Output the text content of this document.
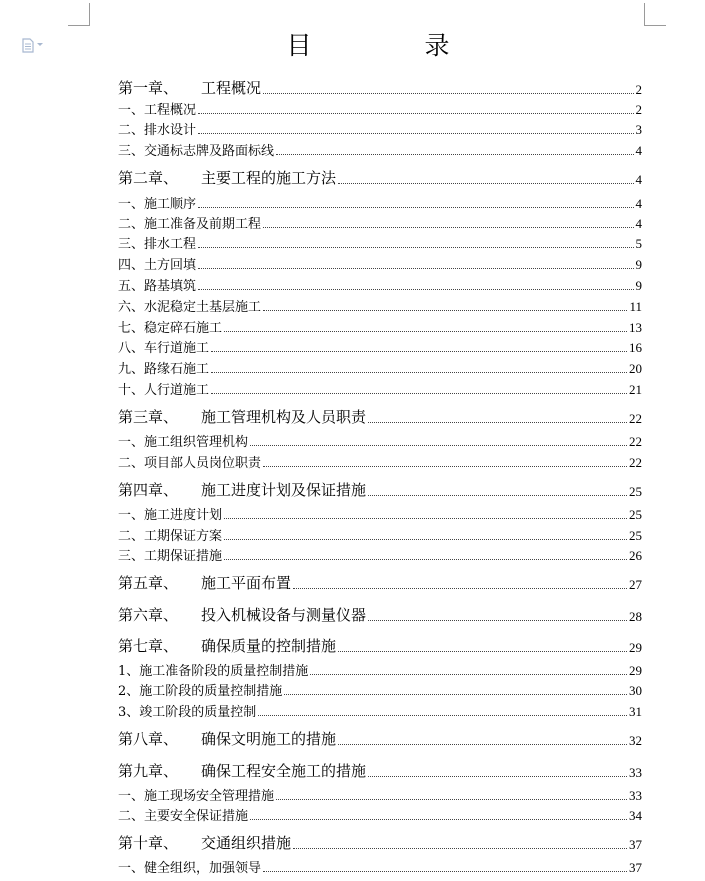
目　录
第一章、	工程概况	2
一、工程概况	2
二、排水设计	3
三、交通标志牌及路面标线	4
第二章、	主要工程的施工方法	4
一、施工顺序	4
二、施工准备及前期工程	4
三、排水工程	5
四、土方回填	9
五、路基填筑	9
六、水泥稳定土基层施工	11
七、稳定碎石施工	13
八、车行道施工	16
九、路缘石施工	20
十、人行道施工	21
第三章、	施工管理机构及人员职责	22
一、施工组织管理机构	22
二、项目部人员岗位职责	22
第四章、	施工进度计划及保证措施	25
一、施工进度计划	25
二、工期保证方案	25
三、工期保证措施	26
第五章、	施工平面布置	27
第六章、	投入机械设备与测量仪器	28
第七章、	确保质量的控制措施	29
1、施工准备阶段的质量控制措施	29
2、施工阶段的质量控制措施	30
3、竣工阶段的质量控制	31
第八章、	确保文明施工的措施	32
第九章、	确保工程安全施工的措施	33
一、施工现场安全管理措施	33
二、主要安全保证措施	34
第十章、	交通组织措施	37
一、健全组织，加强领导	37
